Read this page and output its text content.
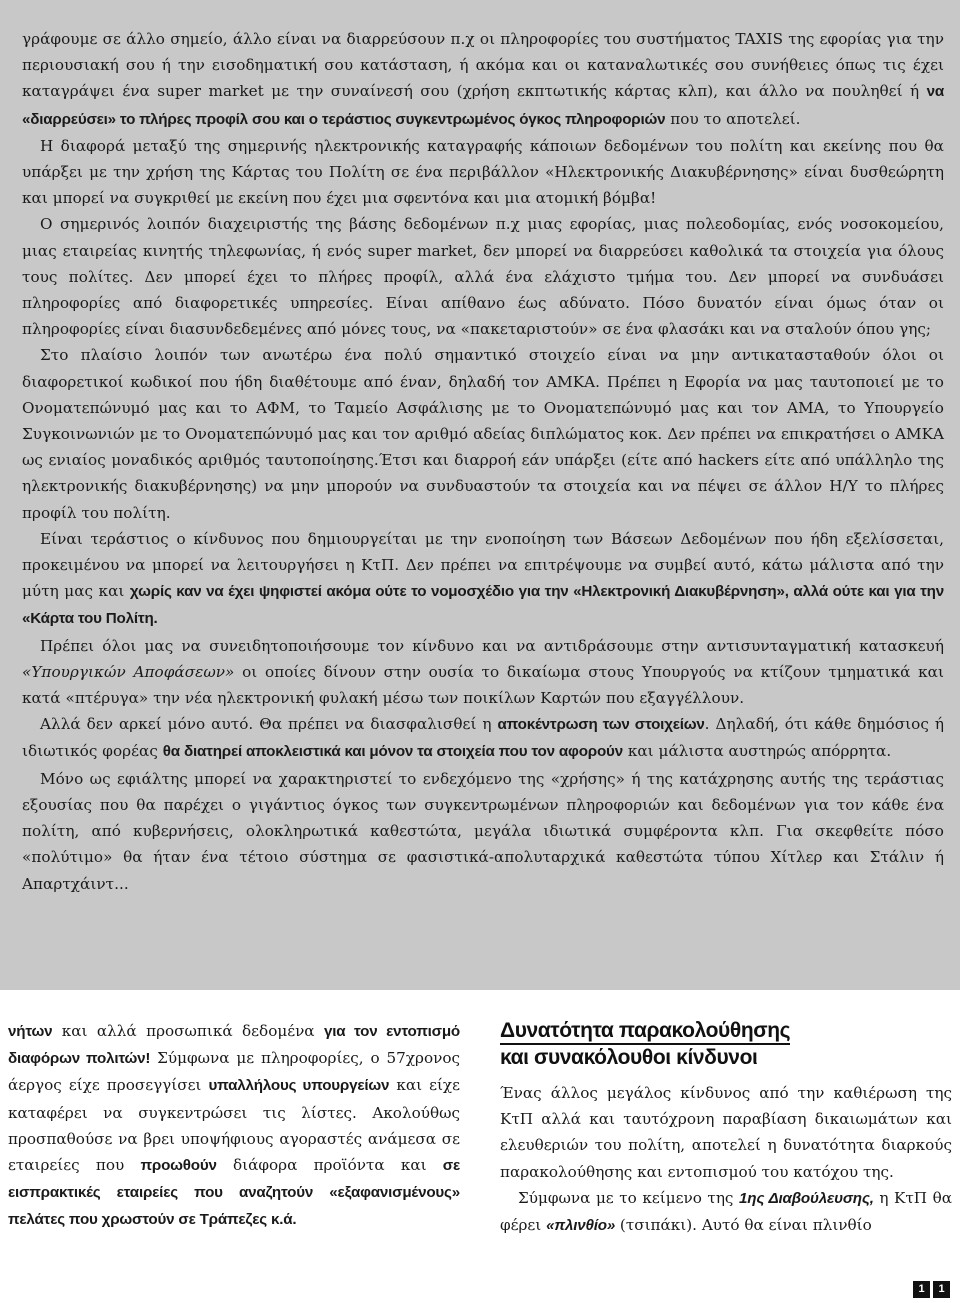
γράφουμε σε άλλο σημείο, άλλο είναι να διαρρεύσουν π.χ οι πληροφορίες του συστήματος TAXIS της εφορίας για την περιουσιακή σου ή την εισοδηματική σου κατάσταση, ή ακόμα και οι καταναλωτικές σου συνήθειες όπως τις έχει καταγράψει ένα super market με την συναίνεσή σου (χρήση εκπτωτικής κάρτας κλπ), και άλλο να πουληθεί ή να «διαρρεύσει» το πλήρες προφίλ σου και ο τεράστιος συγκεντρωμένος όγκος πληροφοριών που το αποτελεί.

Η διαφορά μεταξύ της σημερινής ηλεκτρονικής καταγραφής κάποιων δεδομένων του πολίτη και εκείνης που θα υπάρξει με την χρήση της Κάρτας του Πολίτη σε ένα περιβάλλον «Ηλεκτρονικής Διακυβέρνησης» είναι δυσθεώρητη και μπορεί να συγκριθεί με εκείνη που έχει μια σφεντόνα και μια ατομική βόμβα!

Ο σημερινός λοιπόν διαχειριστής της βάσης δεδομένων π.χ μιας εφορίας, μιας πολεοδομίας, ενός νοσοκομείου, μιας εταιρείας κινητής τηλεφωνίας, ή ενός super market, δεν μπορεί να διαρρεύσει καθολικά τα στοιχεία για όλους τους πολίτες. Δεν μπορεί έχει το πλήρες προφίλ, αλλά ένα ελάχιστο τμήμα του. Δεν μπορεί να συνδυάσει πληροφορίες από διαφορετικές υπηρεσίες. Είναι απίθανο έως αδύνατο. Πόσο δυνατόν είναι όμως όταν οι πληροφορίες είναι διασυνδεδεμένες από μόνες τους, να «πακεταριστούν» σε ένα φλασάκι και να σταλούν όπου γης;

Στο πλαίσιο λοιπόν των ανωτέρω ένα πολύ σημαντικό στοιχείο είναι να μην αντικατασταθούν όλοι οι διαφορετικοί κωδικοί που ήδη διαθέτουμε από έναν, δηλαδή τον ΑΜΚΑ. Πρέπει η Εφορία να μας ταυτοποιεί με το Ονοματεπώνυμό μας και το ΑΦΜ, το Ταμείο Ασφάλισης με το Ονοματεπώνυμό μας και τον ΑΜΑ, το Υπουργείο Συγκοινωνιών με το Ονοματεπώνυμό μας και τον αριθμό αδείας διπλώματος κοκ. Δεν πρέπει να επικρατήσει ο ΑΜΚΑ ως ενιαίος μοναδικός αριθμός ταυτοποίησης.Έτσι και διαρροή εάν υπάρξει (είτε από hackers είτε από υπάλληλο της ηλεκτρονικής διακυβέρνησης) να μην μπορούν να συνδυαστούν τα στοιχεία και να πέψει σε άλλον Η/Υ το πλήρες προφίλ του πολίτη.

Είναι τεράστιος ο κίνδυνος που δημιουργείται με την ενοποίηση των Βάσεων Δεδομένων που ήδη εξελίσσεται, προκειμένου να μπορεί να λειτουργήσει η ΚτΠ. Δεν πρέπει να επιτρέψουμε να συμβεί αυτό, κάτω μάλιστα από την μύτη μας και χωρίς καν να έχει ψηφιστεί ακόμα ούτε το νομοσχέδιο για την «Ηλεκτρονική Διακυβέρνηση», αλλά ούτε και για την «Κάρτα του Πολίτη.

Πρέπει όλοι μας να συνειδητοποιήσουμε τον κίνδυνο και να αντιδράσουμε στην αντισυνταγματική κατασκευή «Υπουργικών Αποφάσεων» οι οποίες δίνουν στην ουσία το δικαίωμα στους Υπουργούς να κτίζουν τμηματικά και κατά «πτέρυγα» την νέα ηλεκτρονική φυλακή μέσω των ποικίλων Καρτών που εξαγγέλλουν.

Αλλά δεν αρκεί μόνο αυτό. Θα πρέπει να διασφαλισθεί η αποκέντρωση των στοιχείων. Δηλαδή, ότι κάθε δημόσιος ή ιδιωτικός φορέας θα διατηρεί αποκλειστικά και μόνον τα στοιχεία που τον αφορούν και μάλιστα αυστηρώς απόρρητα.

Μόνο ως εφιάλτης μπορεί να χαρακτηριστεί το ενδεχόμενο της «χρήσης» ή της κατάχρησης αυτής της τεράστιας εξουσίας που θα παρέχει ο γιγάντιος όγκος των συγκεντρωμένων πληροφοριών και δεδομένων για τον κάθε ένα πολίτη, από κυβερνήσεις, ολοκληρωτικά καθεστώτα, μεγάλα ιδιωτικά συμφέροντα κλπ. Για σκεφθείτε πόσο «πολύτιμο» θα ήταν ένα τέτοιο σύστημα σε φασιστικά-απολυταρχικά καθεστώτα τύπου Χίτλερ και Στάλιν ή Απαρτχάιντ...

νήτων και αλλά προσωπικά δεδομένα για τον εντοπισμό διαφόρων πολιτών! Σύμφωνα με πληροφορίες, ο 57χρονος άεργος είχε προσεγγίσει υπαλλήλους υπουργείων και είχε καταφέρει να συγκεντρώσει τις λίστες. Ακολούθως προσπαθούσε να βρει υποψήφιους αγοραστές ανάμεσα σε εταιρείες που προωθούν διάφορα προϊόντα και σε εισπρακτικές εταιρείες που αναζητούν «εξαφανισμένους» πελάτες που χρωστούν σε Τράπεζες κ.ά.

Δυνατότητα παρακολούθησης
και συνακόλουθοι κίνδυνοι

Ένας άλλος μεγάλος κίνδυνος από την καθιέρωση της ΚτΠ αλλά και ταυτόχρονη παραβίαση δικαιωμάτων και ελευθεριών του πολίτη, αποτελεί η δυνατότητα διαρκούς παρακολούθησης και εντοπισμού του κατόχου της.

Σύμφωνα με το κείμενο της 1ης Διαβούλευσης, η ΚτΠ θα φέρει «πλινθίο» (τσιπάκι). Αυτό θα είναι πλινθίο

1	1
